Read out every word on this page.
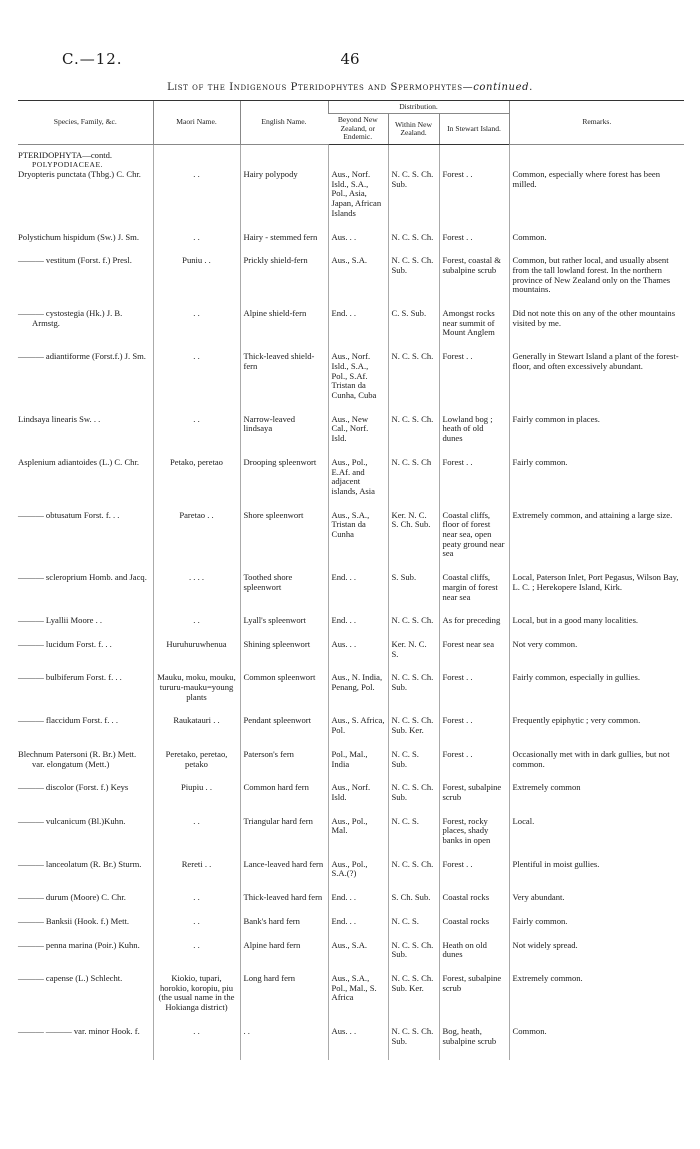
C.—12.	46
List of the Indigenous Pteridophytes and Spermophytes—continued.
Species, Family, &c.	Maori Name.	English Name.	Distribution.			Remarks.
			Beyond New Zealand, or Endemic.	Within New Zealand.	In Stewart Island.	
PTERIDOPHYTA—contd.						
POLYPODIACEAE.						
Dryopteris punctata (Thbg.) C. Chr.	. .	Hairy polypody	Aus., Norf. Isld., S.A., Pol., Asia, Japan, African Islands	N. C. S. Ch. Sub.	Forest . .	Common, especially where forest has been milled.

Polystichum hispidum (Sw.) J. Sm.	. .	Hairy - stemmed fern	Aus. . .	N. C. S. Ch.	Forest . .	Common.

——— vestitum (Forst. f.) Presl.	Puniu . .	Prickly shield-fern	Aus., S.A.	N. C. S. Ch. Sub.	Forest, coastal & subalpine scrub	Common, but rather local, and usually absent from the tall lowland forest. In the northern province of New Zealand only on the Thames mountains.

——— cystostegia (Hk.) J. B. Armstg.	. .	Alpine shield-fern	End. . .	C. S. Sub.	Amongst rocks near summit of Mount Anglem	Did not note this on any of the other mountains visited by me.

——— adiantiforme (Forst.f.) J. Sm.	. .	Thick-leaved shield-fern	Aus., Norf. Isld., S.A., Pol., S.Af. Tristan da Cunha, Cuba	N. C. S. Ch.	Forest . .	Generally in Stewart Island a plant of the forest-floor, and often excessively abundant.

Lindsaya linearis Sw. . .	. .	Narrow-leaved lindsaya	Aus., New Cal., Norf. Isld.	N. C. S. Ch.	Lowland bog ; heath of old dunes	Fairly common in places.

Asplenium adiantoides (L.) C. Chr.	Petako, peretao	Drooping spleenwort	Aus., Pol., E.Af. and adjacent islands, Asia	N. C. S. Ch	Forest . .	Fairly common.

——— obtusatum Forst. f. . .	Paretao . .	Shore spleenwort	Aus., S.A., Tristan da Cunha	Ker. N. C. S. Ch. Sub.	Coastal cliffs, floor of forest near sea, open peaty ground near sea	Extremely common, and attaining a large size.

——— scleroprium Homb. and Jacq.	. . . .	Toothed shore spleenwort	End. . .	S. Sub.	Coastal cliffs, margin of forest near sea	Local, Paterson Inlet, Port Pegasus, Wilson Bay, L. C. ; Herekopere Island, Kirk.

——— Lyallii Moore . .	. .	Lyall's spleenwort	End. . .	N. C. S. Ch.	As for preceding	Local, but in a good many localities.

——— lucidum Forst. f. . .	Huruhuruwhenua	Shining spleenwort	Aus. . .	Ker. N. C. S.	Forest near sea	Not very common.

——— bulbiferum Forst. f. . .	Mauku, moku, mouku, tururu-mauku=young plants	Common spleenwort	Aus., N. India, Penang, Pol.	N. C. S. Ch. Sub.	Forest . .	Fairly common, especially in gullies.

——— flaccidum Forst. f. . .	Raukatauri . .	Pendant spleenwort	Aus., S. Africa, Pol.	N. C. S. Ch. Sub. Ker.	Forest . .	Frequently epiphytic ; very common.

Blechnum Patersoni (R. Br.) Mett. var. elongatum (Mett.)	Peretako, peretao, petako	Paterson's fern	Pol., Mal., India	N. C. S. Sub.	Forest . .	Occasionally met with in dark gullies, but not common.

——— discolor (Forst. f.) Keys	Piupiu . .	Common hard fern	Aus., Norf. Isld.	N. C. S. Ch. Sub.	Forest, subalpine scrub	Extremely common

——— vulcanicum (Bl.)Kuhn.	. .	Triangular hard fern	Aus., Pol., Mal.	N. C. S.	Forest, rocky places, shady banks in open	Local.

——— lanceolatum (R. Br.) Sturm.	Rereti . .	Lance-leaved hard fern	Aus., Pol., S.A.(?)	N. C. S. Ch.	Forest . .	Plentiful in moist gullies.

——— durum (Moore) C. Chr.	. .	Thick-leaved hard fern	End. . .	S. Ch. Sub.	Coastal rocks	Very abundant.

——— Banksii (Hook. f.) Mett.	. .	Bank's hard fern	End. . .	N. C. S.	Coastal rocks	Fairly common.

——— penna marina (Poir.) Kuhn.	. .	Alpine hard fern	Aus., S.A.	N. C. S. Ch. Sub.	Heath on old dunes	Not widely spread.

——— capense (L.) Schlecht.	Kiokio, tupari, horokio, koropiu, piu (the usual name in the Hokianga district)	Long hard fern	Aus., S.A., Pol., Mal., S. Africa	N. C. S. Ch. Sub. Ker.	Forest, subalpine scrub	Extremely common.

——— ——— var. minor Hook. f.	. .	. .	Aus. . .	N. C. S. Ch. Sub.	Bog, heath, subalpine scrub	Common.
